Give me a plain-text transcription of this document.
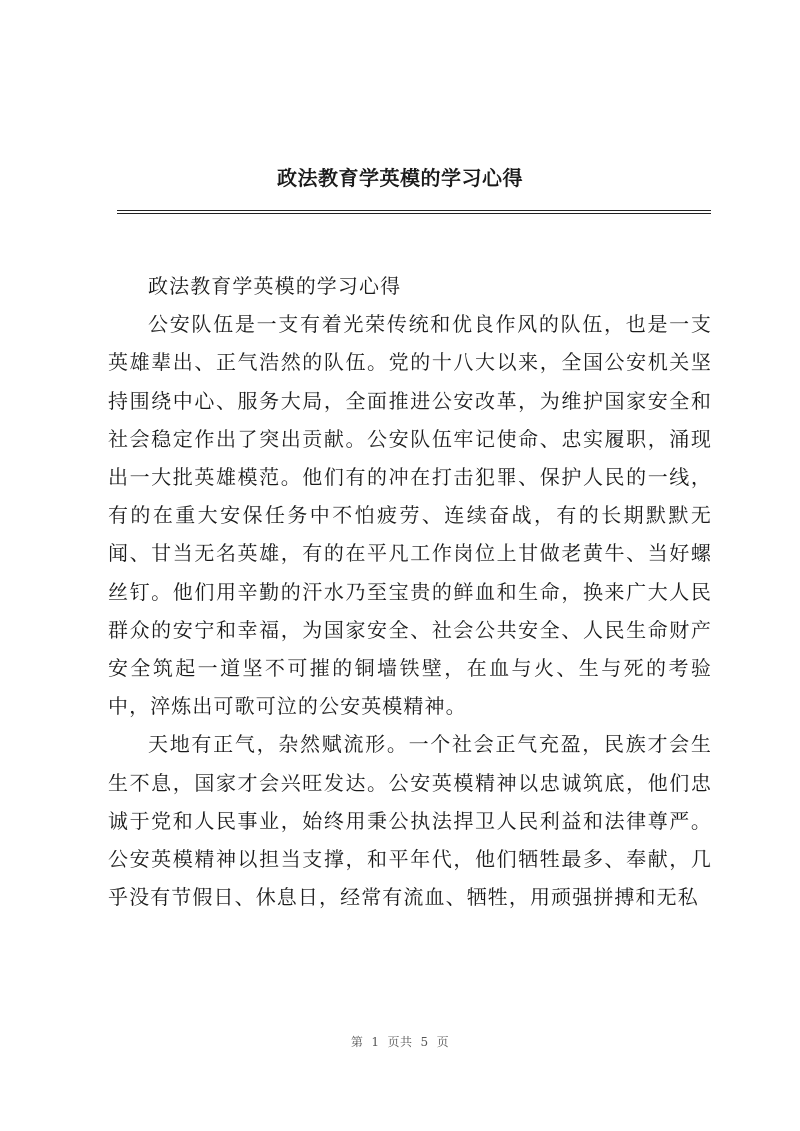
政法教育学英模的学习心得

政法教育学英模的学习心得

公安队伍是一支有着光荣传统和优良作风的队伍，也是一支英雄辈出、正气浩然的队伍。党的十八大以来，全国公安机关坚持围绕中心、服务大局，全面推进公安改革，为维护国家安全和社会稳定作出了突出贡献。公安队伍牢记使命、忠实履职，涌现出一大批英雄模范。他们有的冲在打击犯罪、保护人民的一线，有的在重大安保任务中不怕疲劳、连续奋战，有的长期默默无闻、甘当无名英雄，有的在平凡工作岗位上甘做老黄牛、当好螺丝钉。他们用辛勤的汗水乃至宝贵的鲜血和生命，换来广大人民群众的安宁和幸福，为国家安全、社会公共安全、人民生命财产安全筑起一道坚不可摧的铜墙铁壁，在血与火、生与死的考验中，淬炼出可歌可泣的公安英模精神。

天地有正气，杂然赋流形。一个社会正气充盈，民族才会生生不息，国家才会兴旺发达。公安英模精神以忠诚筑底，他们忠诚于党和人民事业，始终用秉公执法捍卫人民利益和法律尊严。公安英模精神以担当支撑，和平年代，他们牺牲最多、奉献，几乎没有节假日、休息日，经常有流血、牺牲，用顽强拼搏和无私

第 1 页共 5 页
